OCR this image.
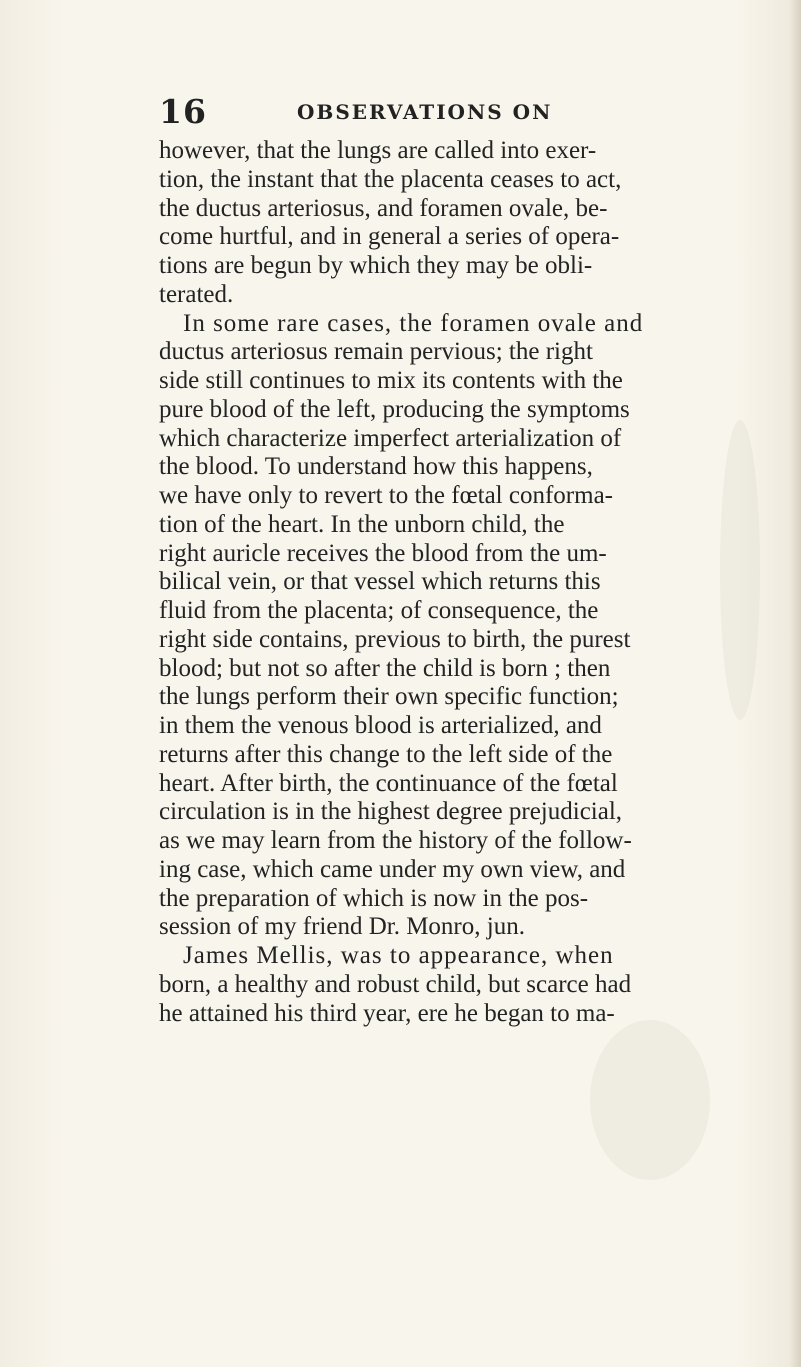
16	OBSERVATIONS ON
however, that the lungs are called into exer-
tion, the instant that the placenta ceases to act,
the ductus arteriosus, and foramen ovale, be-
come hurtful, and in general a series of opera-
tions are begun by which they may be obli-
terated.
In some rare cases, the foramen ovale and
ductus arteriosus remain pervious; the right
side still continues to mix its contents with the
pure blood of the left, producing the symptoms
which characterize imperfect arterialization of
the blood. To understand how this happens,
we have only to revert to the fœtal conforma-
tion of the heart. In the unborn child, the
right auricle receives the blood from the um-
bilical vein, or that vessel which returns this
fluid from the placenta; of consequence, the
right side contains, previous to birth, the purest
blood; but not so after the child is born ; then
the lungs perform their own specific function;
in them the venous blood is arterialized, and
returns after this change to the left side of the
heart. After birth, the continuance of the fœtal
circulation is in the highest degree prejudicial,
as we may learn from the history of the follow-
ing case, which came under my own view, and
the preparation of which is now in the pos-
session of my friend Dr. Monro, jun.
James Mellis, was to appearance, when
born, a healthy and robust child, but scarce had
he attained his third year, ere he began to ma-
